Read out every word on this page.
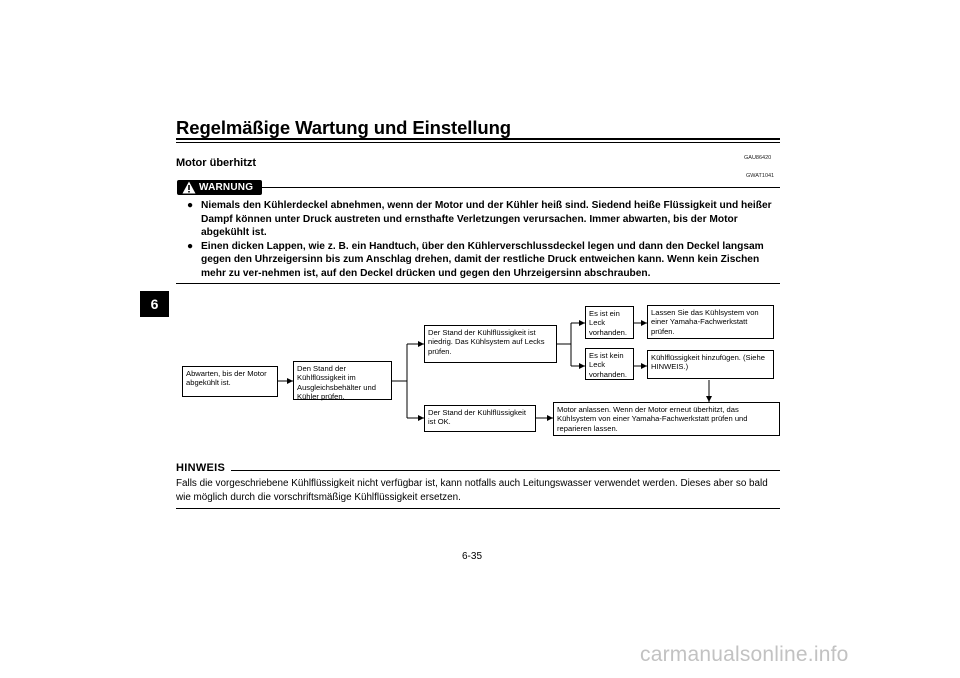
Regelmäßige Wartung und Einstellung
6
Motor überhitzt	GAU86420
WARNUNG
GWAT1041
● Niemals den Kühlerdeckel abnehmen, wenn der Motor und der Kühler heiß sind. Siedend heiße Flüssigkeit und heißer Dampf können unter Druck austreten und ernsthafte Verletzungen verursachen. Immer abwarten, bis der Motor abgekühlt ist.
● Einen dicken Lappen, wie z. B. ein Handtuch, über den Kühlerverschlussdeckel legen und dann den Deckel langsam gegen den Uhrzeigersinn bis zum Anschlag drehen, damit der restliche Druck entweichen kann. Wenn kein Zischen mehr zu ver-nehmen ist, auf den Deckel drücken und gegen den Uhrzeigersinn abschrauben.
Abwarten, bis der Motor abgekühlt ist.
Den Stand der Kühlflüssigkeit im Ausgleichsbehälter und Kühler prüfen.
Der Stand der Kühlflüssigkeit ist niedrig. Das Kühlsystem auf Lecks prüfen.
Der Stand der Kühlflüssigkeit ist OK.
Es ist ein Leck vorhanden.
Es ist kein Leck vorhanden.
Lassen Sie das Kühlsystem von einer Yamaha-Fachwerkstatt prüfen.
Kühlflüssigkeit hinzufügen. (Siehe HINWEIS.)
Motor anlassen. Wenn der Motor erneut überhitzt, das Kühlsystem von einer Yamaha-Fachwerkstatt prüfen und reparieren lassen.
HINWEIS
Falls die vorgeschriebene Kühlflüssigkeit nicht verfügbar ist, kann notfalls auch Leitungswasser verwendet werden. Dieses aber so bald wie möglich durch die vorschriftsmäßige Kühlflüssigkeit ersetzen.
6-35
carmanualsonline.info
